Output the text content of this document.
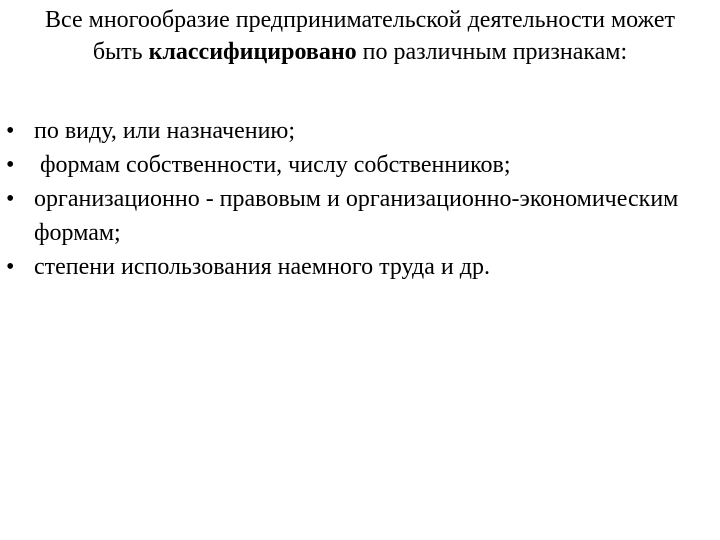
Все многообразие предпринимательской деятельности может быть классифицировано по различным признакам:
• по виду, или назначению;
• формам собственности, числу собственников;
• организационно - правовым и организационно-экономическим формам;
• степени использования наемного труда и др.
